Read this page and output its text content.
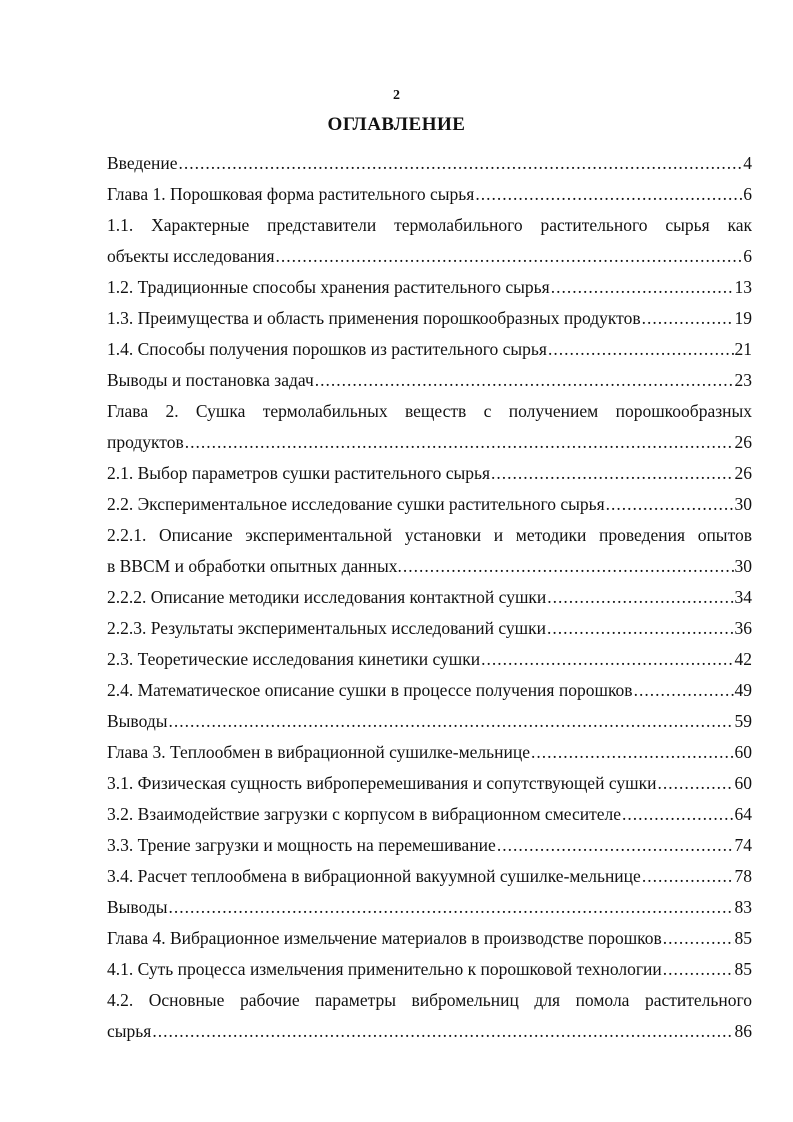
2
ОГЛАВЛЕНИЕ
Введение .....	4
Глава 1. Порошковая форма растительного сырья .....	6
1.1. Характерные представители термолабильного растительного сырья как
объекты исследования .....	6
1.2. Традиционные способы хранения растительного сырья .....	13
1.3. Преимущества и область применения порошкообразных продуктов .....	19
1.4. Способы получения порошков из растительного сырья .....	21
Выводы и постановка задач .....	23
Глава 2. Сушка термолабильных веществ с получением порошкообразных
продуктов .....	26
2.1. Выбор параметров сушки растительного сырья .....	26
2.2. Экспериментальное исследование сушки растительного сырья .....	30
2.2.1. Описание экспериментальной установки и методики проведения опытов
в ВВСМ и обработки опытных данных. .....	30
2.2.2. Описание методики исследования контактной сушки .....	34
2.2.3. Результаты экспериментальных исследований сушки .....	36
2.3. Теоретические исследования кинетики сушки .....	42
2.4. Математическое описание сушки в процессе получения порошков .....	49
Выводы .....	59
Глава 3. Теплообмен в вибрационной сушилке-мельнице .....	60
3.1. Физическая сущность виброперемешивания и сопутствующей сушки .....	60
3.2. Взаимодействие загрузки с корпусом в вибрационном смесителе .....	64
3.3. Трение загрузки и мощность на перемешивание .....	74
3.4. Расчет теплообмена в вибрационной вакуумной сушилке-мельнице .....	78
Выводы .....	83
Глава 4. Вибрационное измельчение материалов в производстве порошков .....	85
4.1. Суть процесса измельчения применительно к порошковой технологии .....	85
4.2. Основные рабочие параметры вибромельниц для помола растительного
сырья .....	86
